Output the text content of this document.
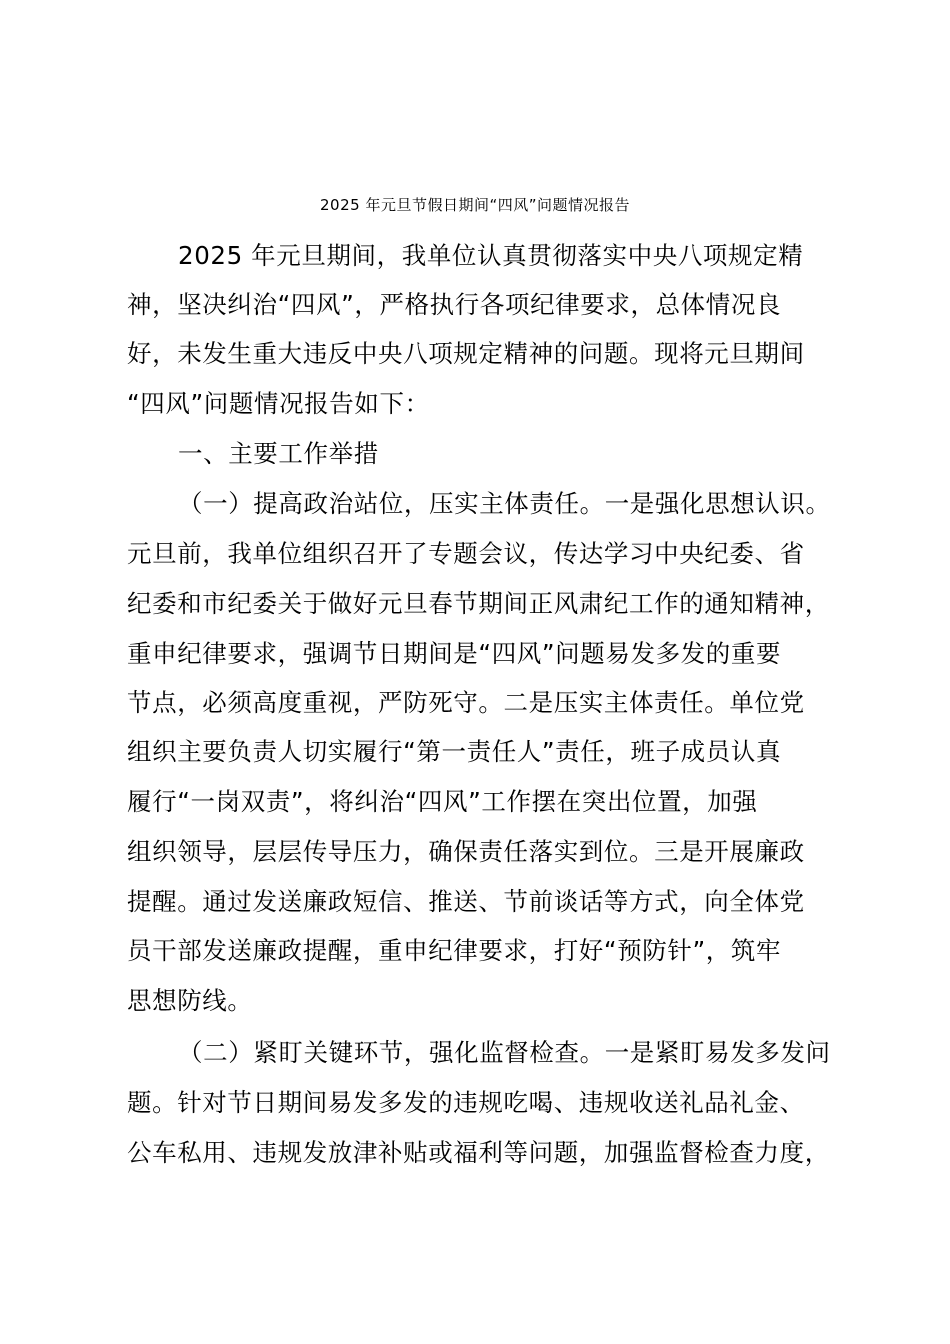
2025 年元旦节假日期间“四风”问题情况报告
2025 年元旦期间，我单位认真贯彻落实中央八项规定精
神，坚决纠治“四风”，严格执行各项纪律要求，总体情况良
好，未发生重大违反中央八项规定精神的问题。现将元旦期间
“四风”问题情况报告如下：
一、主要工作举措
（一）提高政治站位，压实主体责任。一是强化思想认识。
元旦前，我单位组织召开了专题会议，传达学习中央纪委、省
纪委和市纪委关于做好元旦春节期间正风肃纪工作的通知精神，
重申纪律要求，强调节日期间是“四风”问题易发多发的重要
节点，必须高度重视，严防死守。二是压实主体责任。单位党
组织主要负责人切实履行“第一责任人”责任，班子成员认真
履行“一岗双责”，将纠治“四风”工作摆在突出位置，加强
组织领导，层层传导压力，确保责任落实到位。三是开展廉政
提醒。通过发送廉政短信、推送、节前谈话等方式，向全体党
员干部发送廉政提醒，重申纪律要求，打好“预防针”，筑牢
思想防线。
（二）紧盯关键环节，强化监督检查。一是紧盯易发多发问
题。针对节日期间易发多发的违规吃喝、违规收送礼品礼金、
公车私用、违规发放津补贴或福利等问题，加强监督检查力度，
